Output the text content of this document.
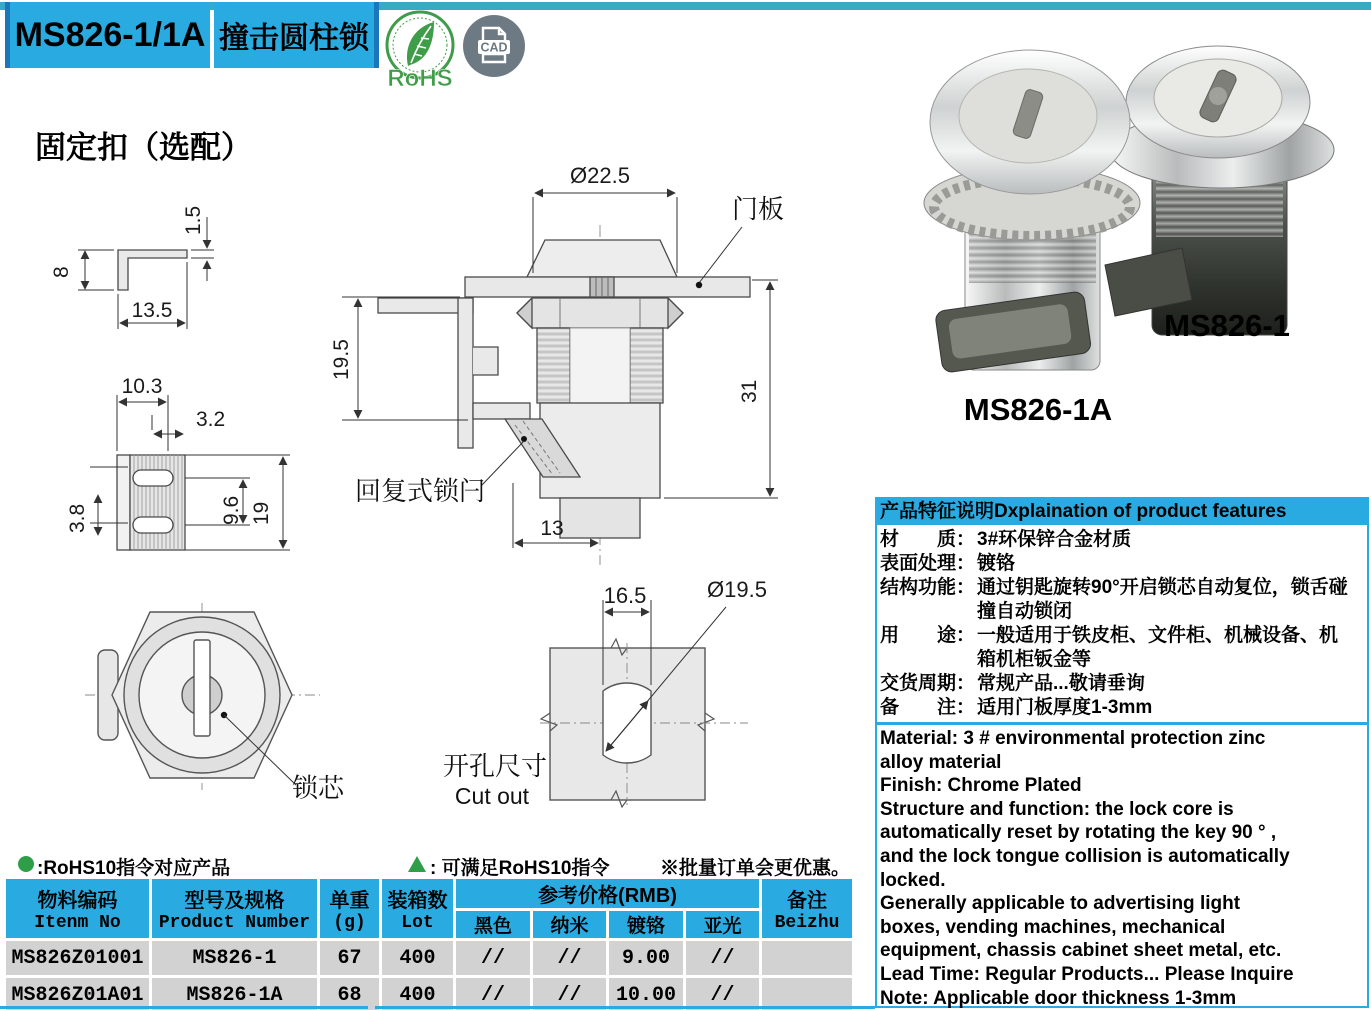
MS826-1/1A 撞击圆柱锁
RoHS
CAD
固定扣（选配）
8
1.5
13.5
10.3
3.2
3.8	9.6 19
锁芯
Ø22.5
门板
19.5
31
13
回复式锁闩
16.5	Ø19.5
开孔尺寸
Cut out
MS826-1
MS826-1A
产品特征说明Dxplaination of product features
材　　质： 3#环保锌合金材质
表面处理： 镀铬
结构功能： 通过钥匙旋转90°开启锁芯自动复位，锁舌碰撞自动锁闭
用　　途： 一般适用于铁皮柜、文件柜、机械设备、机箱机柜钣金等
交货周期： 常规产品...敬请垂询
备　　注： 适用门板厚度1-3mm
Material: 3 # environmental protection zinc
alloy material
Finish: Chrome Plated
Structure and function: the lock core is
automatically reset by rotating the key 90 ° ,
and the lock tongue collision is automatically
locked.
Generally applicable to advertising light
boxes, vending machines, mechanical
equipment, chassis cabinet sheet metal, etc.
Lead Time: Regular Products... Please Inquire
Note: Applicable door thickness 1-3mm
:RoHS10指令对应产品	: 可满足RoHS10指令	※批量订单会更优惠。
物料编码
Itenm No

型号及规格
Product Number

单重
(g)

装箱数
Lot
	参考价格(RMB)	备注
Beizhu

				黑色	纳米	镀铬	亚光	
MS826Z01001	MS826-1	67	400	//	//	9.00	//	
MS826Z01A01	MS826-1A	68	400	//	//	10.00	//	
